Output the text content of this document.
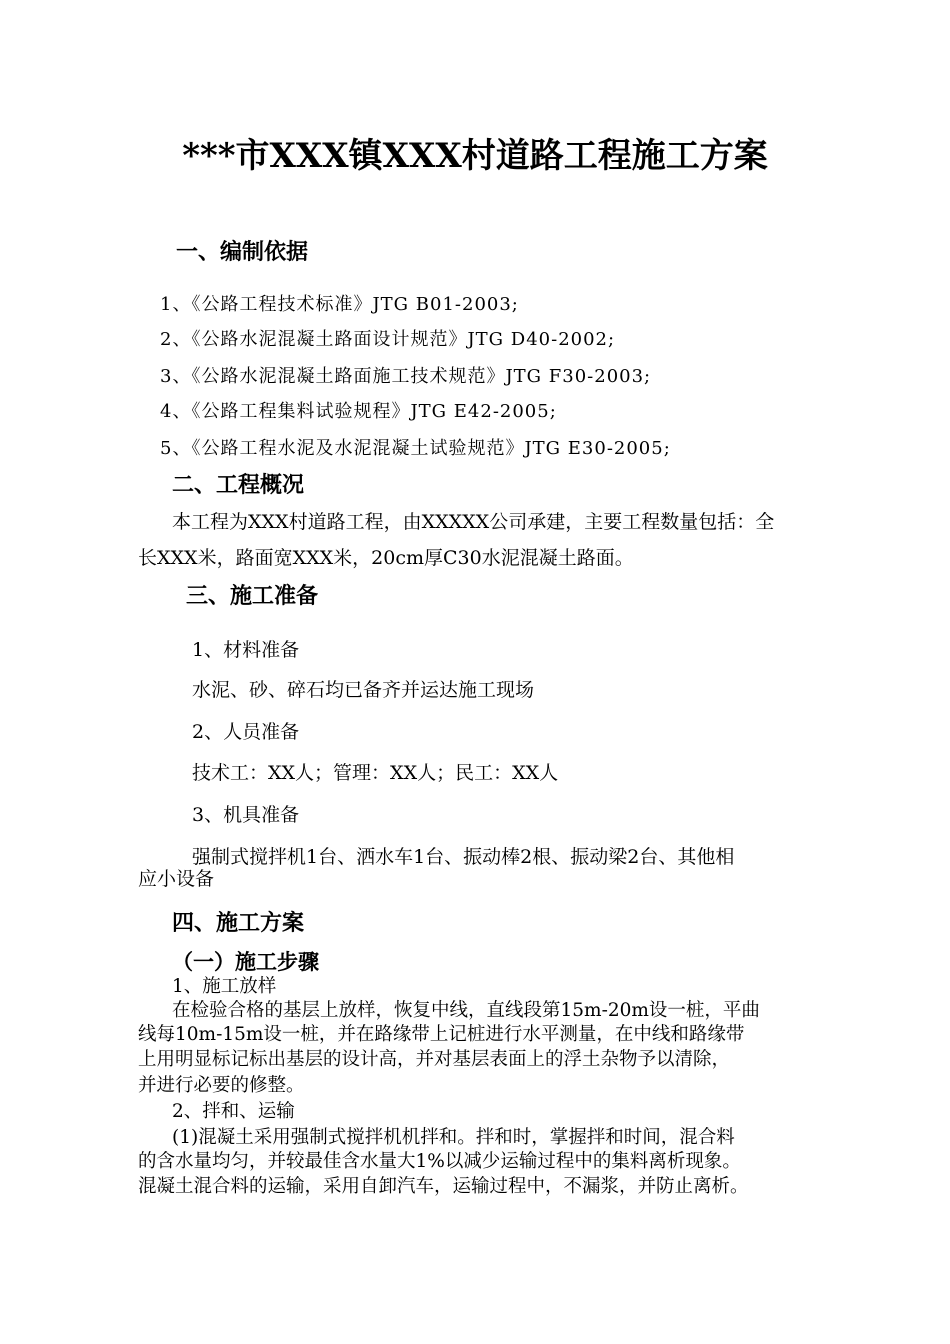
***市XXX镇XXX村道路工程施工方案
一、编制依据
1、《公路工程技术标准》JTG B01-2003;
2、《公路水泥混凝土路面设计规范》JTG D40-2002;
3、《公路水泥混凝土路面施工技术规范》JTG F30-2003;
4、《公路工程集料试验规程》JTG E42-2005;
5、《公路工程水泥及水泥混凝土试验规范》JTG E30-2005;
二、工程概况
本工程为XXX村道路工程，由XXXXX公司承建，主要工程数量包括：全
长XXX米，路面宽XXX米，20cm厚C30水泥混凝土路面。
三、施工准备
1、材料准备
水泥、砂、碎石均已备齐并运达施工现场
2、人员准备
技术工：XX人；管理：XX人；民工：XX人
3、机具准备
强制式搅拌机1台、洒水车1台、振动棒2根、振动梁2台、其他相
应小设备
四、施工方案
（一）施工步骤
1、施工放样
在检验合格的基层上放样，恢复中线，直线段第15m-20m设一桩，平曲
线每10m-15m设一桩，并在路缘带上记桩进行水平测量，在中线和路缘带
上用明显标记标出基层的设计高，并对基层表面上的浮土杂物予以清除，
并进行必要的修整。
2、拌和、运输
(1)混凝土采用强制式搅拌机机拌和。拌和时，掌握拌和时间，混合料
的含水量均匀，并较最佳含水量大1%以减少运输过程中的集料离析现象。
混凝土混合料的运输，采用自卸汽车，运输过程中，不漏浆，并防止离析。
